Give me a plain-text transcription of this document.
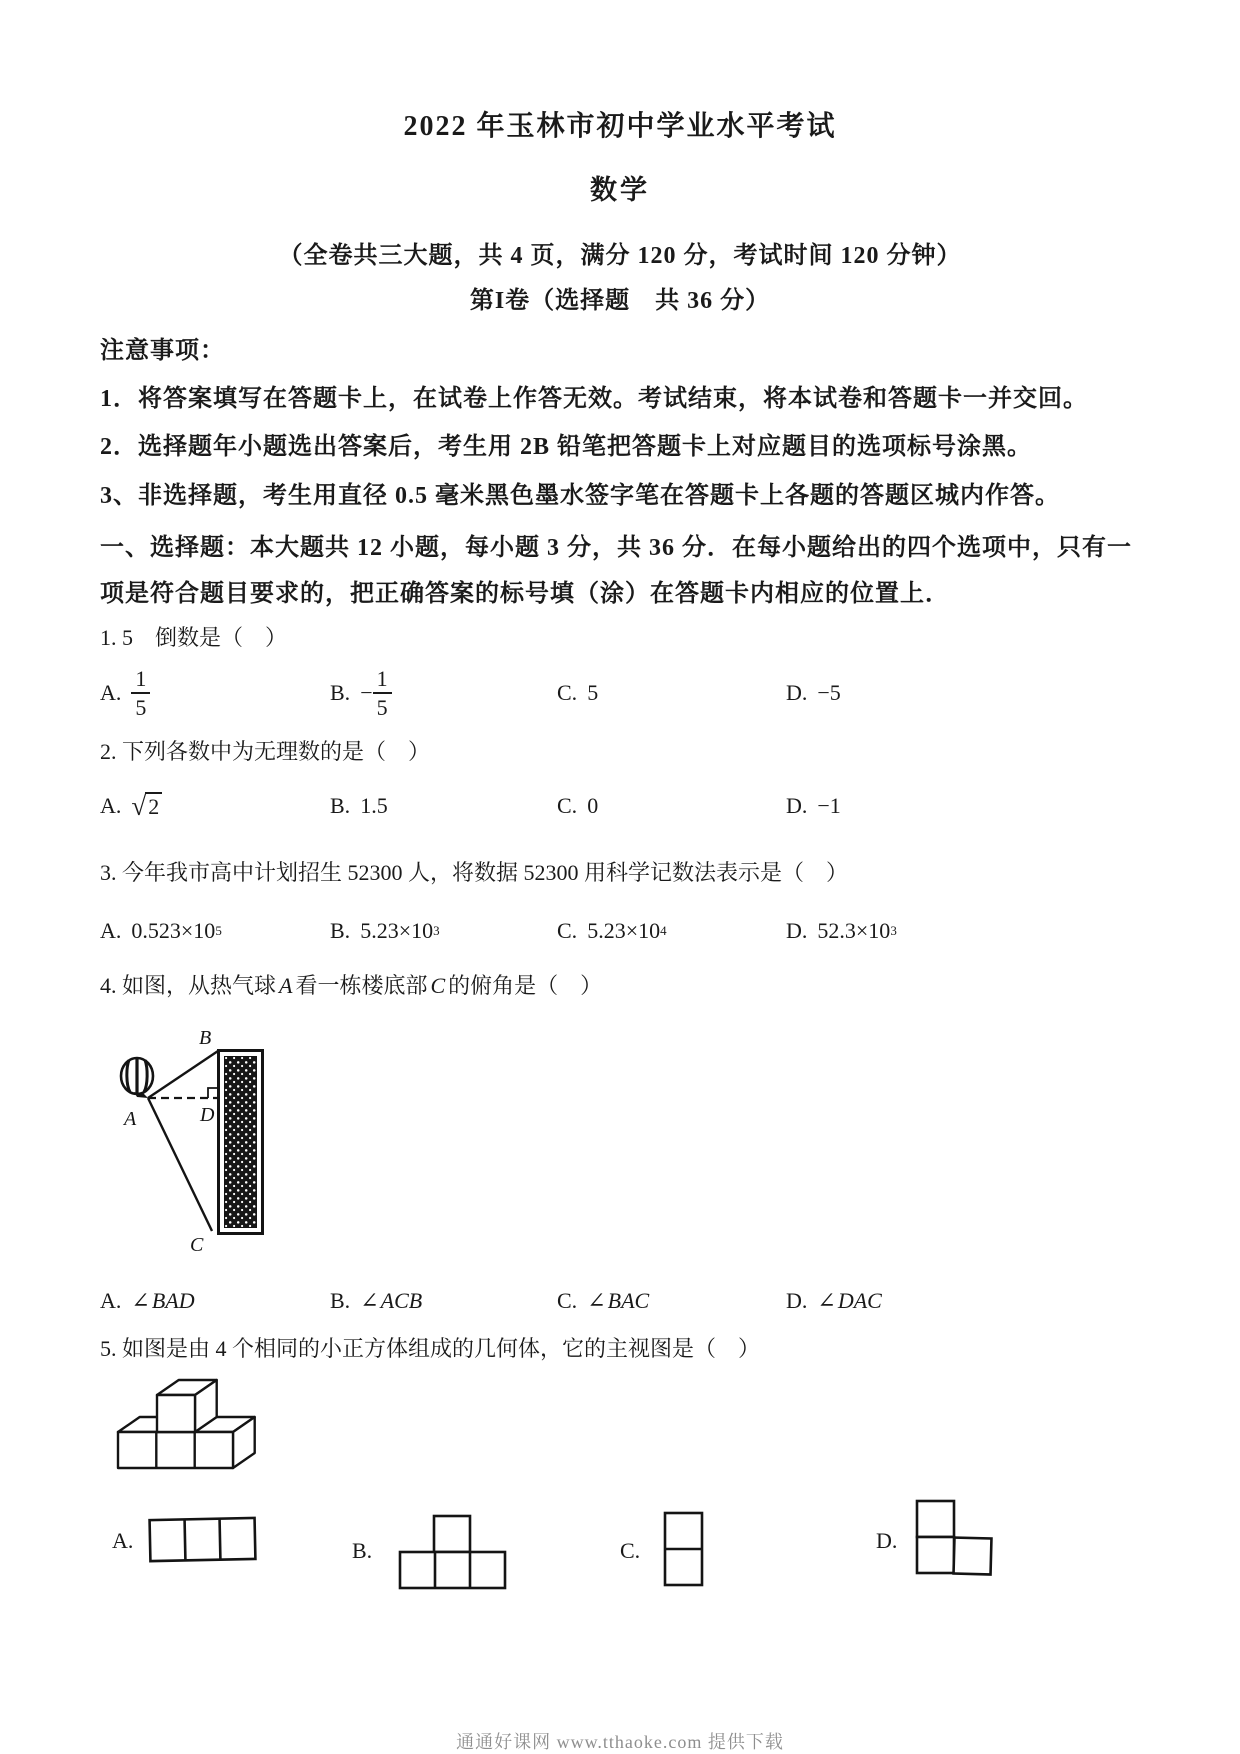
2022 年玉林市初中学业水平考试
数学
（全卷共三大题，共 4 页，满分 120 分，考试时间 120 分钟）
第I卷（选择题　共 36 分）
注意事项：
1．将答案填写在答题卡上，在试卷上作答无效。考试结束，将本试卷和答题卡一并交回。
2．选择题年小题选出答案后，考生用 2B 铅笔把答题卡上对应题目的选项标号涂黑。
3、非选择题，考生用直径 0.5 毫米黑色墨水签字笔在答题卡上各题的答题区城内作答。
一、选择题：本大题共 12 小题，每小题 3 分，共 36 分．在每小题给出的四个选项中，只有一
项是符合题目要求的，把正确答案的标号填（涂）在答题卡内相应的位置上．
1. 5　倒数是（　）
A. $\frac{1}{5}$	B. − $\frac{1}{5}$	C. 5	D. −5
2. 下列各数中为无理数的是（　）
A. √ 2	B. 1.5	C. 0	D. −1
3. 今年我市高中计划招生 52300 人，将数据 52300 用科学记数法表示是（　）
A. 0.523×10 5	B. 5.23×10 3	C. 5.23×10 4	D. 52.3×10 3
4. 如图，从热气球 A 看一栋楼底部 C 的俯角是（　）
A
B
C
D
A. ∠ BAD	B. ∠ ACB	C. ∠ BAC	D. ∠ DAC
5. 如图是由 4 个相同的小正方体组成的几何体，它的主视图是（　）
A.	B.	C.	D.
通通好课网 www.tthaoke.com 提供下载
